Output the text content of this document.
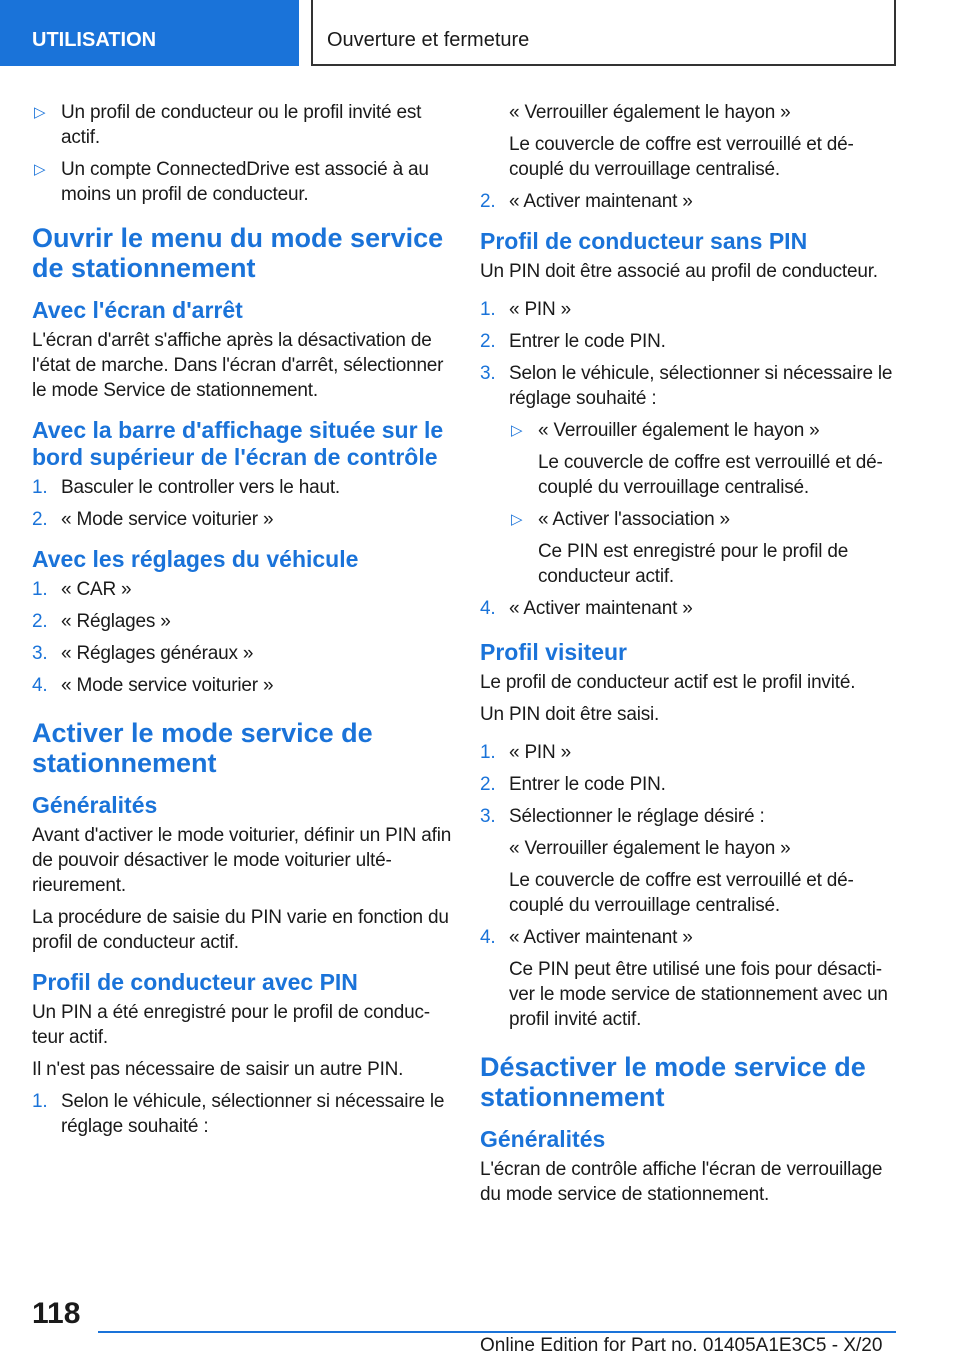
UTILISATION	Ouverture et fermeture
▷ Un profil de conducteur ou le profil invité est actif.
▷ Un compte ConnectedDrive est associé à au moins un profil de conducteur.
Ouvrir le menu du mode service de stationnement
Avec l'écran d'arrêt

L'écran d'arrêt s'affiche après la désactivation de l'état de marche. Dans l'écran d'arrêt, sélectionner le mode Service de stationnement.

Avec la barre d'affichage située sur le bord supérieur de l'écran de contrôle
1. Basculer le controller vers le haut.
2. « Mode service voiturier »
Avec les réglages du véhicule
1. « CAR »
2. « Réglages »
3. « Réglages généraux »
4. « Mode service voiturier »
Activer le mode service de stationnement
Généralités

Avant d'activer le mode voiturier, définir un PIN afin de pouvoir désactiver le mode voiturier ultérieurement.

La procédure de saisie du PIN varie en fonction du profil de conducteur actif.

Profil de conducteur avec PIN

Un PIN a été enregistré pour le profil de conducteur actif.

Il n'est pas nécessaire de saisir un autre PIN.

1. Selon le véhicule, sélectionner si nécessaire le réglage souhaité :
« Verrouiller également le hayon »
Le couvercle de coffre est verrouillé et découplé du verrouillage centralisé.
2. « Activer maintenant »
Profil de conducteur sans PIN

Un PIN doit être associé au profil de conducteur.

1. « PIN »
2. Entrer le code PIN.
3. Selon le véhicule, sélectionner si nécessaire le réglage souhaité :
▷ « Verrouiller également le hayon »
Le couvercle de coffre est verrouillé et découplé du verrouillage centralisé.
▷ « Activer l'association »
Ce PIN est enregistré pour le profil de conducteur actif.
4. « Activer maintenant »
Profil visiteur

Le profil de conducteur actif est le profil invité.

Un PIN doit être saisi.

1. « PIN »
2. Entrer le code PIN.
3. Sélectionner le réglage désiré :
« Verrouiller également le hayon »
Le couvercle de coffre est verrouillé et découplé du verrouillage centralisé.
4. « Activer maintenant »
Ce PIN peut être utilisé une fois pour désactiver le mode service de stationnement avec un profil invité actif.
Désactiver le mode service de stationnement
Généralités

L'écran de contrôle affiche l'écran de verrouillage du mode service de stationnement.

118
Online Edition for Part no. 01405A1E3C5 - X/20
